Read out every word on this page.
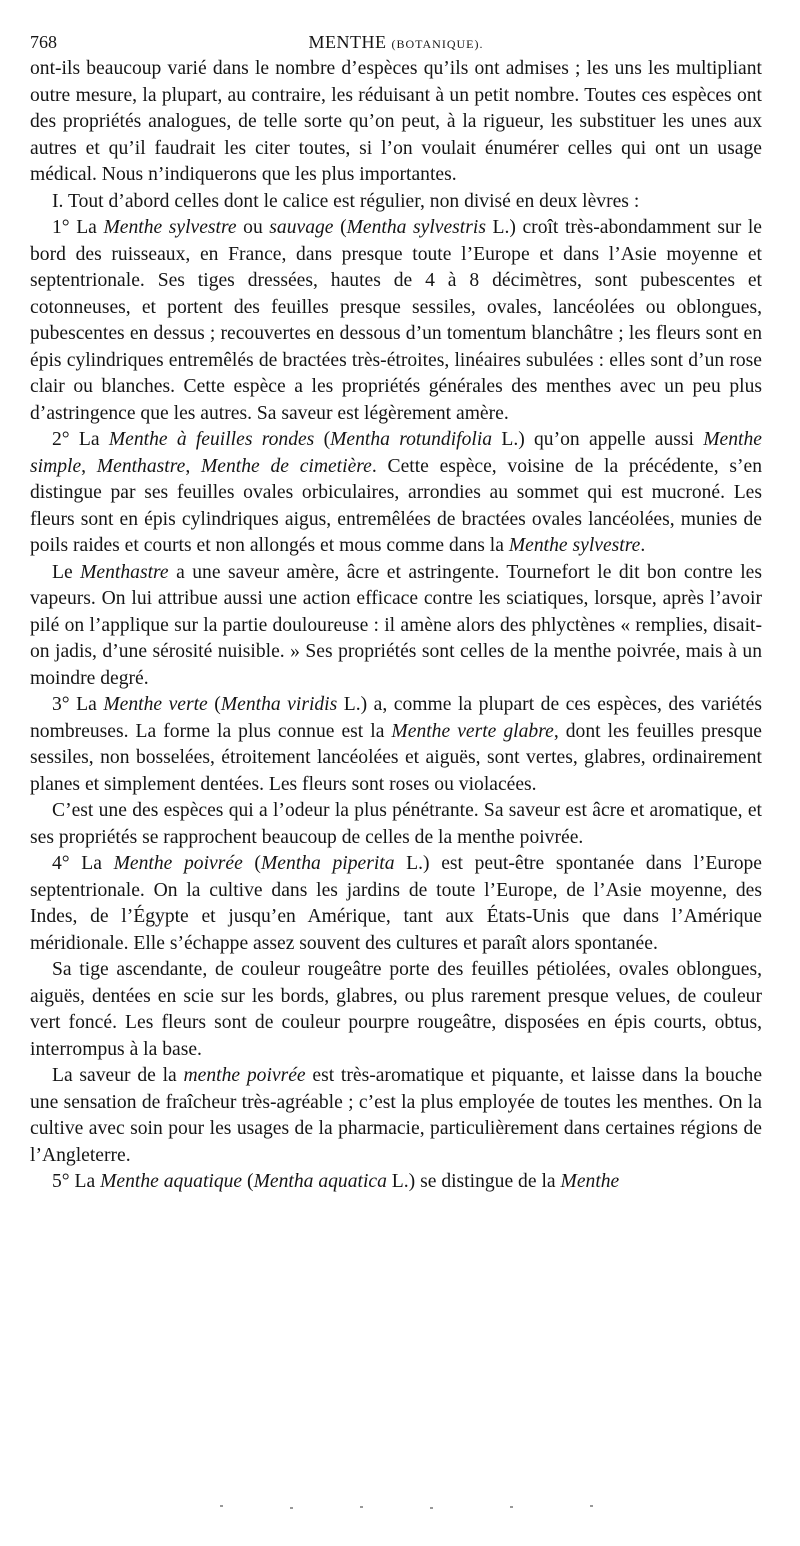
768	MENTHE (BOTANIQUE).

ont-ils beaucoup varié dans le nombre d’espèces qu’ils ont admises ; les uns les multipliant outre mesure, la plupart, au contraire, les réduisant à un petit nombre. Toutes ces espèces ont des propriétés analogues, de telle sorte qu’on peut, à la rigueur, les substituer les unes aux autres et qu’il faudrait les citer toutes, si l’on voulait énumérer celles qui ont un usage médical. Nous n’indiquerons que les plus importantes.

I. Tout d’abord celles dont le calice est régulier, non divisé en deux lèvres :

1° La Menthe sylvestre ou sauvage (Mentha sylvestris L.) croît très-abondamment sur le bord des ruisseaux, en France, dans presque toute l’Europe et dans l’Asie moyenne et septentrionale. Ses tiges dressées, hautes de 4 à 8 décimètres, sont pubescentes et cotonneuses, et portent des feuilles presque sessiles, ovales, lancéolées ou oblongues, pubescentes en dessus ; recouvertes en dessous d’un tomentum blanchâtre ; les fleurs sont en épis cylindriques entremêlés de bractées très-étroites, linéaires subulées : elles sont d’un rose clair ou blanches. Cette espèce a les propriétés générales des menthes avec un peu plus d’astringence que les autres. Sa saveur est légèrement amère.

2° La Menthe à feuilles rondes (Mentha rotundifolia L.) qu’on appelle aussi Menthe simple, Menthastre, Menthe de cimetière. Cette espèce, voisine de la précédente, s’en distingue par ses feuilles ovales orbiculaires, arrondies au sommet qui est mucroné. Les fleurs sont en épis cylindriques aigus, entremêlées de bractées ovales lancéolées, munies de poils raides et courts et non allongés et mous comme dans la Menthe sylvestre.

Le Menthastre a une saveur amère, âcre et astringente. Tournefort le dit bon contre les vapeurs. On lui attribue aussi une action efficace contre les sciatiques, lorsque, après l’avoir pilé on l’applique sur la partie douloureuse : il amène alors des phlyctènes « remplies, disait-on jadis, d’une sérosité nuisible. » Ses propriétés sont celles de la menthe poivrée, mais à un moindre degré.

3° La Menthe verte (Mentha viridis L.) a, comme la plupart de ces espèces, des variétés nombreuses. La forme la plus connue est la Menthe verte glabre, dont les feuilles presque sessiles, non bosselées, étroitement lancéolées et aiguës, sont vertes, glabres, ordinairement planes et simplement dentées. Les fleurs sont roses ou violacées.

C’est une des espèces qui a l’odeur la plus pénétrante. Sa saveur est âcre et aromatique, et ses propriétés se rapprochent beaucoup de celles de la menthe poivrée.

4° La Menthe poivrée (Mentha piperita L.) est peut-être spontanée dans l’Europe septentrionale. On la cultive dans les jardins de toute l’Europe, de l’Asie moyenne, des Indes, de l’Égypte et jusqu’en Amérique, tant aux États-Unis que dans l’Amérique méridionale. Elle s’échappe assez souvent des cultures et paraît alors spontanée.

Sa tige ascendante, de couleur rougeâtre porte des feuilles pétiolées, ovales oblongues, aiguës, dentées en scie sur les bords, glabres, ou plus rarement presque velues, de couleur vert foncé. Les fleurs sont de couleur pourpre rougeâtre, disposées en épis courts, obtus, interrompus à la base.

La saveur de la menthe poivrée est très-aromatique et piquante, et laisse dans la bouche une sensation de fraîcheur très-agréable ; c’est la plus employée de toutes les menthes. On la cultive avec soin pour les usages de la pharmacie, particulièrement dans certaines régions de l’Angleterre.

5° La Menthe aquatique (Mentha aquatica L.) se distingue de la Menthe
